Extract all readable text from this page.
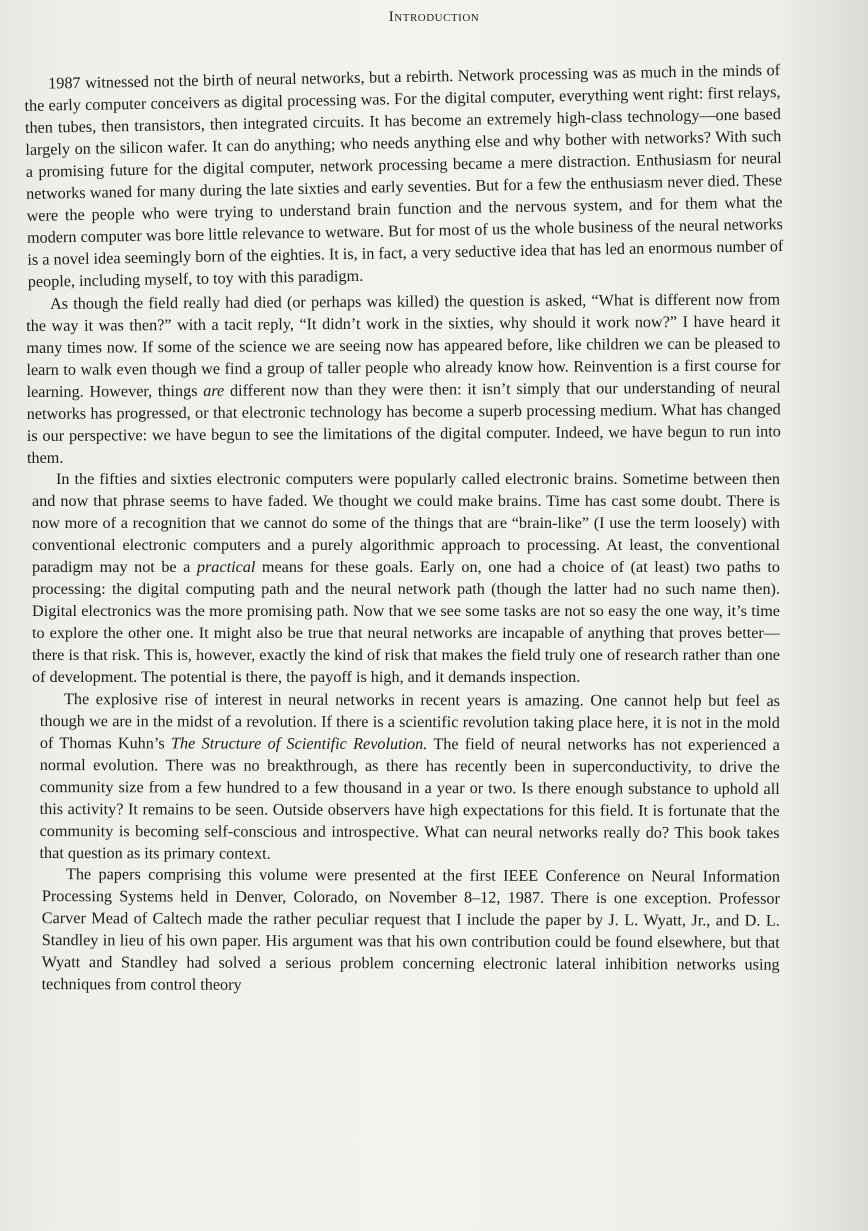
Introduction

1987 witnessed not the birth of neural networks, but a rebirth. Network processing was as much in the minds of the early computer conceivers as digital processing was. For the digital computer, everything went right: first relays, then tubes, then transistors, then integrated circuits. It has become an extremely high-class technology—one based largely on the silicon wafer. It can do anything; who needs anything else and why bother with networks? With such a promising future for the digital computer, network processing became a mere distraction. Enthusiasm for neural networks waned for many during the late sixties and early seventies. But for a few the enthusiasm never died. These were the people who were trying to understand brain function and the nervous system, and for them what the modern computer was bore little relevance to wetware. But for most of us the whole business of the neural networks is a novel idea seemingly born of the eighties. It is, in fact, a very seductive idea that has led an enormous number of people, including myself, to toy with this paradigm.

As though the field really had died (or perhaps was killed) the question is asked, “What is different now from the way it was then?” with a tacit reply, “It didn’t work in the sixties, why should it work now?” I have heard it many times now. If some of the science we are seeing now has appeared before, like children we can be pleased to learn to walk even though we find a group of taller people who already know how. Reinvention is a first course for learning. However, things are different now than they were then: it isn’t simply that our understanding of neural networks has progressed, or that electronic technology has become a superb processing medium. What has changed is our perspective: we have begun to see the limitations of the digital computer. Indeed, we have begun to run into them.

In the fifties and sixties electronic computers were popularly called electronic brains. Sometime between then and now that phrase seems to have faded. We thought we could make brains. Time has cast some doubt. There is now more of a recognition that we cannot do some of the things that are “brain-like” (I use the term loosely) with conventional electronic computers and a purely algorithmic approach to processing. At least, the conventional paradigm may not be a practical means for these goals. Early on, one had a choice of (at least) two paths to processing: the digital computing path and the neural network path (though the latter had no such name then). Digital electronics was the more promising path. Now that we see some tasks are not so easy the one way, it’s time to explore the other one. It might also be true that neural networks are incapable of anything that proves better—there is that risk. This is, however, exactly the kind of risk that makes the field truly one of research rather than one of development. The potential is there, the payoff is high, and it demands inspection.

The explosive rise of interest in neural networks in recent years is amazing. One cannot help but feel as though we are in the midst of a revolution. If there is a scientific revolution taking place here, it is not in the mold of Thomas Kuhn’s The Structure of Scientific Revolution. The field of neural networks has not experienced a normal evolution. There was no breakthrough, as there has recently been in superconductivity, to drive the community size from a few hundred to a few thousand in a year or two. Is there enough substance to uphold all this activity? It remains to be seen. Outside observers have high expectations for this field. It is fortunate that the community is becoming self-conscious and introspective. What can neural networks really do? This book takes that question as its primary context.

The papers comprising this volume were presented at the first IEEE Conference on Neural Information Processing Systems held in Denver, Colorado, on November 8–12, 1987. There is one exception. Professor Carver Mead of Caltech made the rather peculiar request that I include the paper by J. L. Wyatt, Jr., and D. L. Standley in lieu of his own paper. His argument was that his own contribution could be found elsewhere, but that Wyatt and Standley had solved a serious problem concerning electronic lateral inhibition networks using techniques from control theory
